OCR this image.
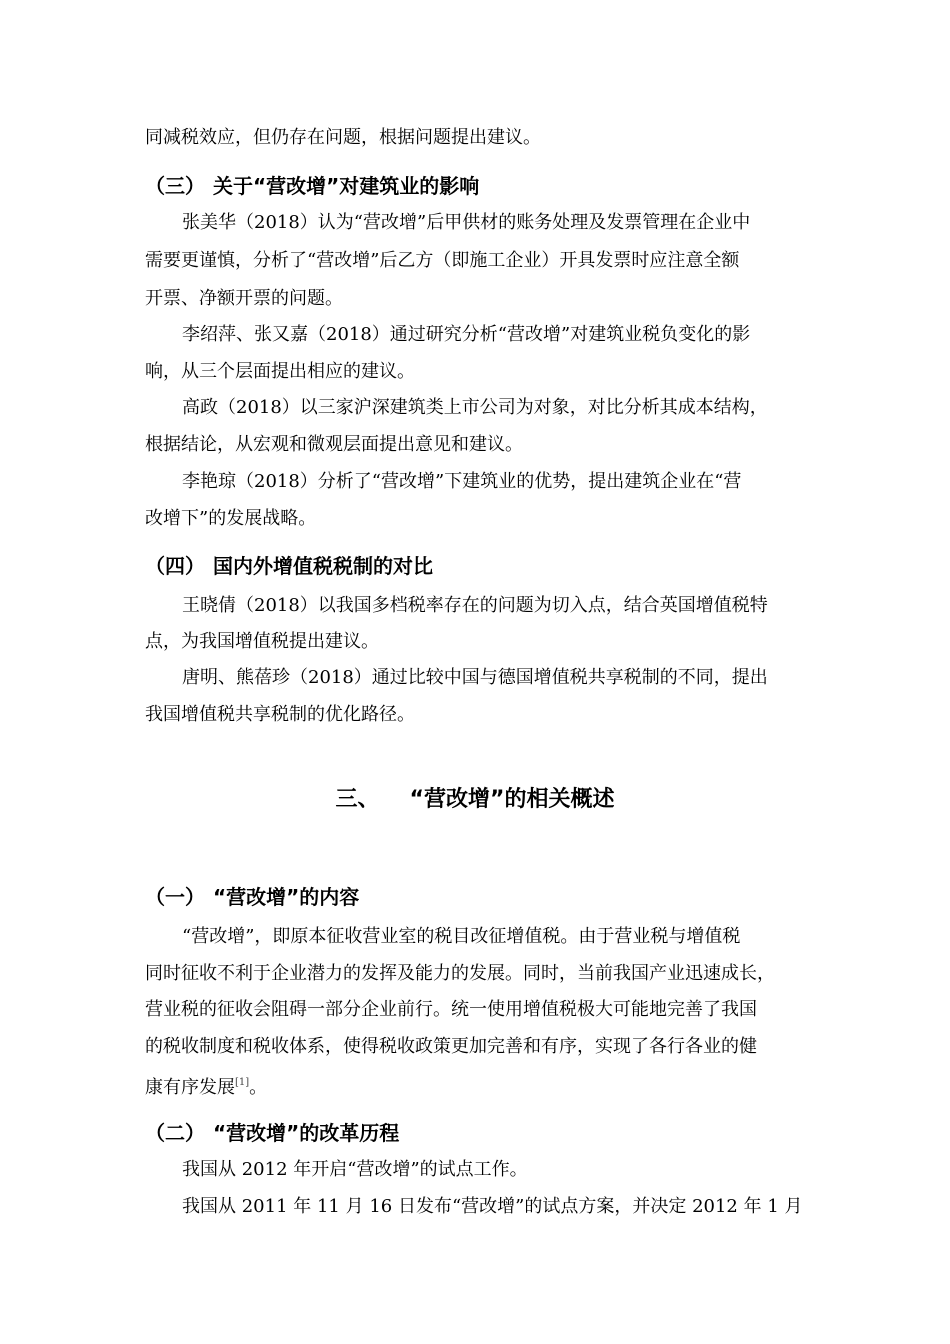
同减税效应，但仍存在问题，根据问题提出建议。
（三） 关于“营改增”对建筑业的影响
张美华（2018）认为“营改增”后甲供材的账务处理及发票管理在企业中
需要更谨慎，分析了“营改增”后乙方（即施工企业）开具发票时应注意全额
开票、净额开票的问题。
李绍萍、张又嘉（2018）通过研究分析“营改增”对建筑业税负变化的影
响，从三个层面提出相应的建议。
高政（2018）以三家沪深建筑类上市公司为对象，对比分析其成本结构，
根据结论，从宏观和微观层面提出意见和建议。
李艳琼（2018）分析了“营改增”下建筑业的优势，提出建筑企业在“营
改增下”的发展战略。
（四） 国内外增值税税制的对比
王晓倩（2018）以我国多档税率存在的问题为切入点，结合英国增值税特
点，为我国增值税提出建议。
唐明、熊蓓珍（2018）通过比较中国与德国增值税共享税制的不同，提出
我国增值税共享税制的优化路径。
三、 “营改增”的相关概述
（一） “营改增”的内容
“营改增”，即原本征收营业室的税目改征增值税。由于营业税与增值税
同时征收不利于企业潜力的发挥及能力的发展。同时，当前我国产业迅速成长，
营业税的征收会阻碍一部分企业前行。统一使用增值税极大可能地完善了我国
的税收制度和税收体系，使得税收政策更加完善和有序，实现了各行各业的健
康有序发展[1]。
（二） “营改增”的改革历程
我国从 2012 年开启“营改增”的试点工作。
我国从 2011 年 11 月 16 日发布“营改增”的试点方案，并决定 2012 年 1 月
